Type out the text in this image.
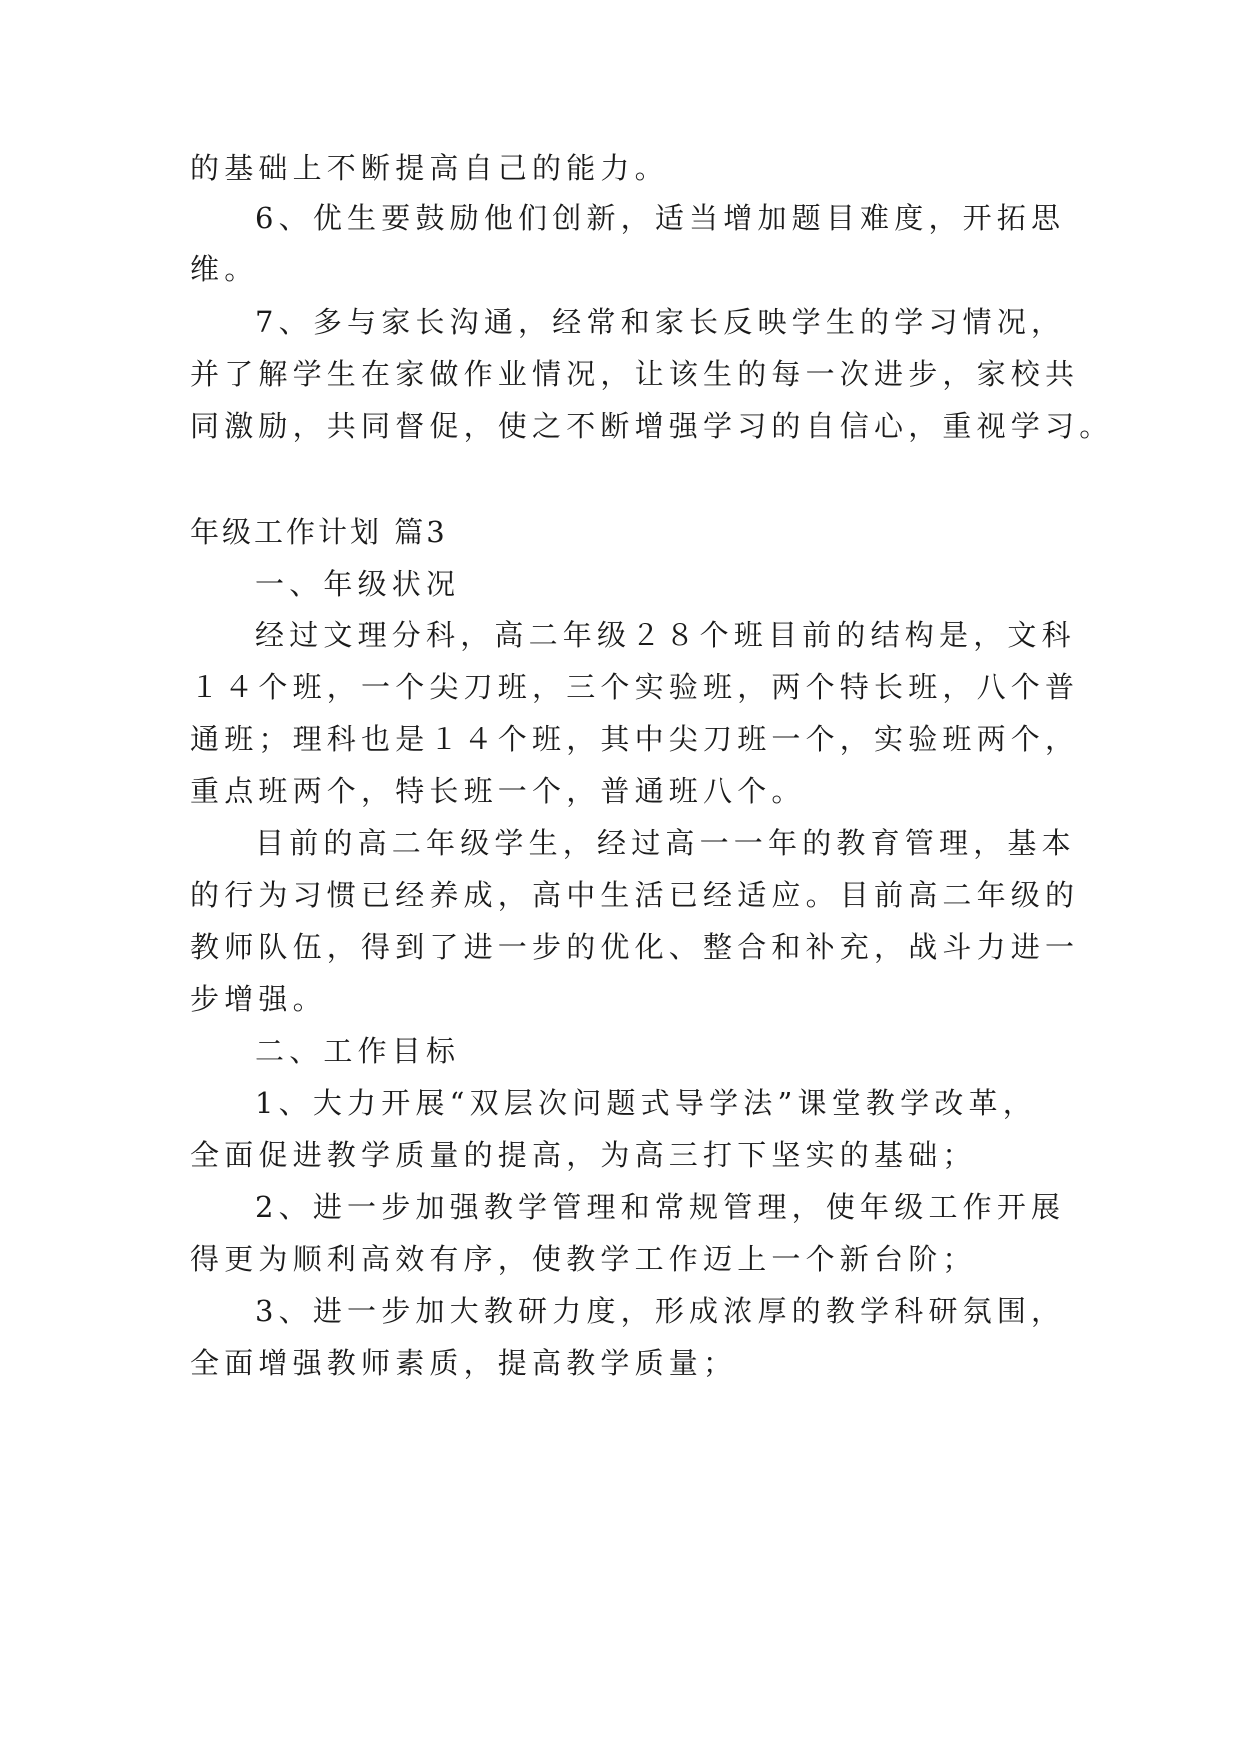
的基础上不断提高自己的能力。

6、优生要鼓励他们创新，适当增加题目难度，开拓思

维。

7、多与家长沟通，经常和家长反映学生的学习情况，

并了解学生在家做作业情况，让该生的每一次进步，家校共

同激励，共同督促，使之不断增强学习的自信心，重视学习。

年级工作计划 篇3

一、年级状况

经过文理分科，高二年级２８个班目前的结构是，文科

１４个班，一个尖刀班，三个实验班，两个特长班，八个普

通班；理科也是１４个班，其中尖刀班一个，实验班两个，

重点班两个，特长班一个，普通班八个。

目前的高二年级学生，经过高一一年的教育管理，基本

的行为习惯已经养成，高中生活已经适应。目前高二年级的

教师队伍，得到了进一步的优化、整合和补充，战斗力进一

步增强。

二、工作目标

1、大力开展“双层次问题式导学法”课堂教学改革，

全面促进教学质量的提高，为高三打下坚实的基础；

2、进一步加强教学管理和常规管理，使年级工作开展

得更为顺利高效有序，使教学工作迈上一个新台阶；

3、进一步加大教研力度，形成浓厚的教学科研氛围，

全面增强教师素质，提高教学质量；
